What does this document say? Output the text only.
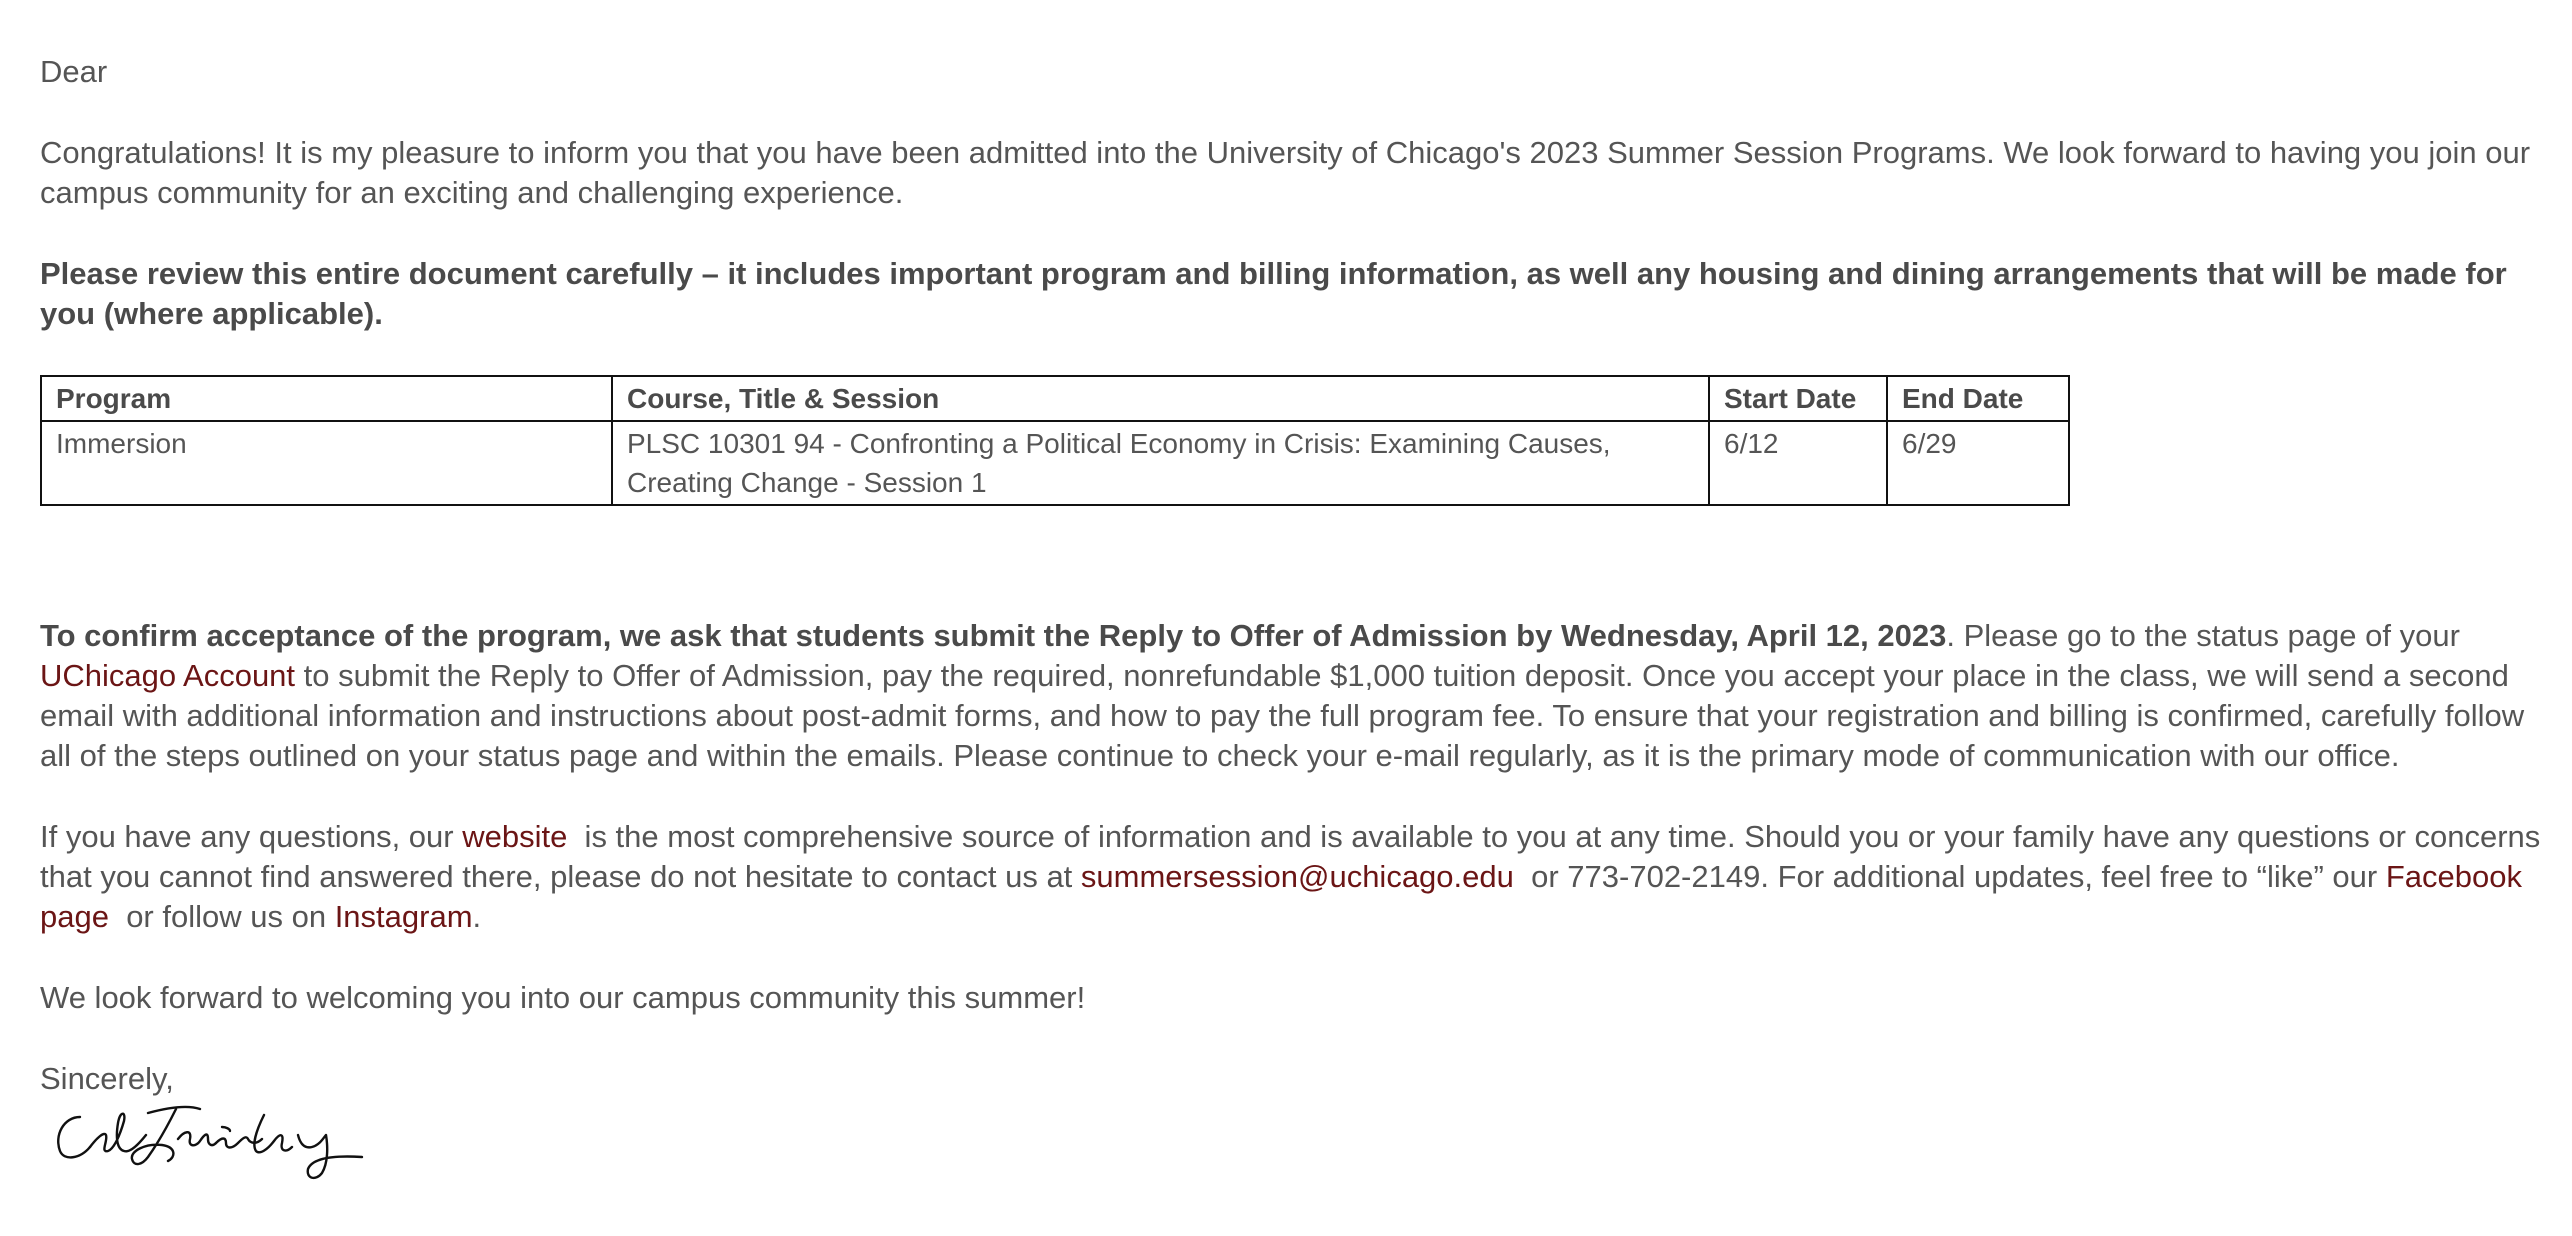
Dear

Congratulations! It is my pleasure to inform you that you have been admitted into the University of Chicago's 2023 Summer Session Programs. We look forward to having you join our campus community for an exciting and challenging experience.

Please review this entire document carefully – it includes important program and billing information, as well any housing and dining arrangements that will be made for you (where applicable).

Program	Course, Title & Session	Start Date	End Date
Immersion	PLSC 10301 94 - Confronting a Political Economy in Crisis: Examining Causes, Creating Change - Session 1	6/12	6/29

To confirm acceptance of the program, we ask that students submit the Reply to Offer of Admission by Wednesday, April 12, 2023. Please go to the status page of your UChicago Account to submit the Reply to Offer of Admission, pay the required, nonrefundable $1,000 tuition deposit. Once you accept your place in the class, we will send a second email with additional information and instructions about post-admit forms, and how to pay the full program fee. To ensure that your registration and billing is confirmed, carefully follow all of the steps outlined on your status page and within the emails. Please continue to check your e-mail regularly, as it is the primary mode of communication with our office.

If you have any questions, our website  is the most comprehensive source of information and is available to you at any time. Should you or your family have any questions or concerns that you cannot find answered there, please do not hesitate to contact us at summersession@uchicago.edu  or 773-702-2149. For additional updates, feel free to “like” our Facebook page  or follow us on Instagram.

We look forward to welcoming you into our campus community this summer!

Sincerely,
